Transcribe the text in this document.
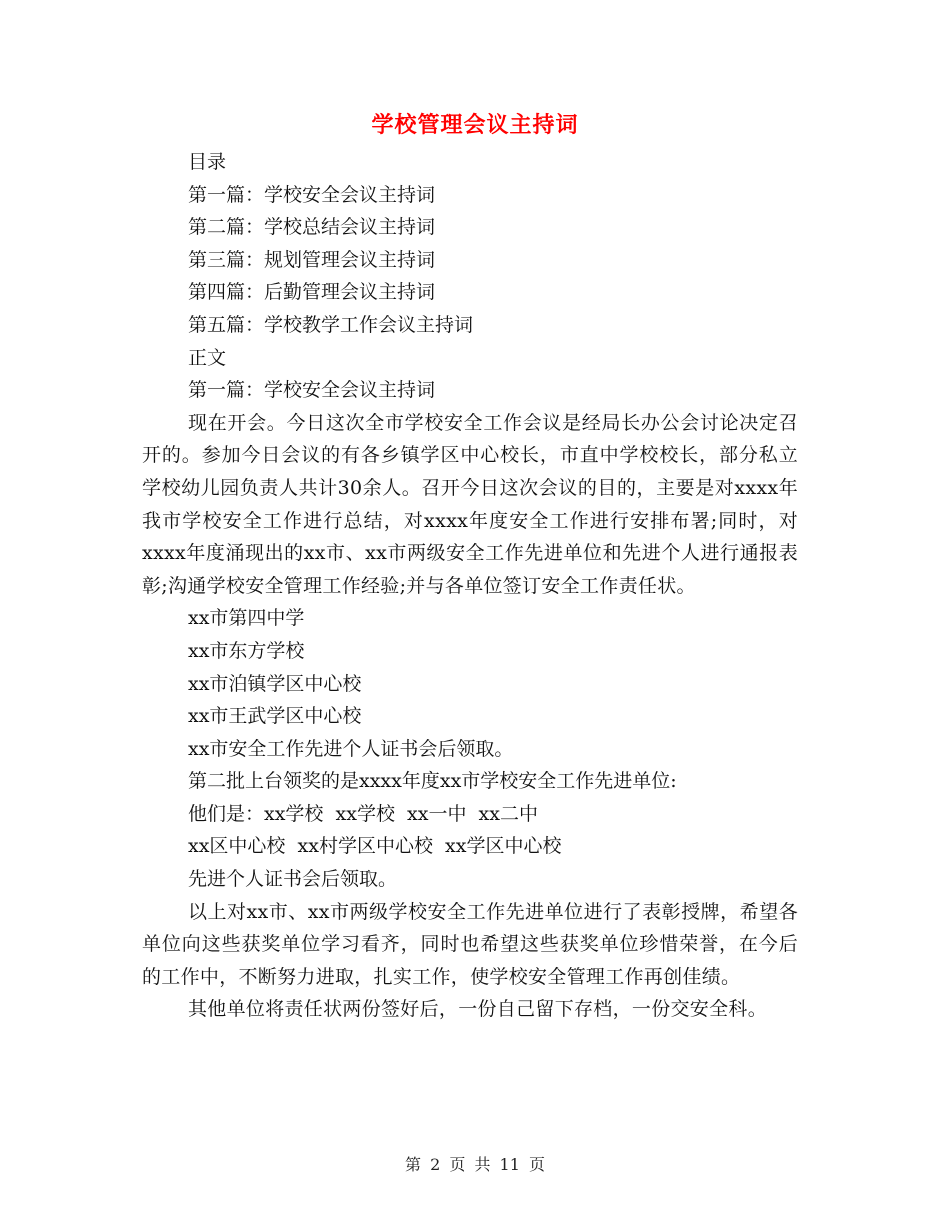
学校管理会议主持词

目录

第一篇：学校安全会议主持词

第二篇：学校总结会议主持词

第三篇：规划管理会议主持词

第四篇：后勤管理会议主持词

第五篇：学校教学工作会议主持词

正文

第一篇：学校安全会议主持词

现在开会。今日这次全市学校安全工作会议是经局长办公会讨论决定召开的。参加今日会议的有各乡镇学区中心校长，市直中学校校长，部分私立学校幼儿园负责人共计30余人。召开今日这次会议的目的，主要是对xxxx年我市学校安全工作进行总结，对xxxx年度安全工作进行安排布署;同时，对xxxx年度涌现出的xx市、xx市两级安全工作先进单位和先进个人进行通报表彰;沟通学校安全管理工作经验;并与各单位签订安全工作责任状。

xx市第四中学

xx市东方学校

xx市泊镇学区中心校

xx市王武学区中心校

xx市安全工作先进个人证书会后领取。

第二批上台领奖的是xxxx年度xx市学校安全工作先进单位:

他们是：xx学校  xx学校  xx一中  xx二中

xx区中心校  xx村学区中心校  xx学区中心校

先进个人证书会后领取。

以上对xx市、xx市两级学校安全工作先进单位进行了表彰授牌，希望各单位向这些获奖单位学习看齐，同时也希望这些获奖单位珍惜荣誉，在今后的工作中，不断努力进取，扎实工作，使学校安全管理工作再创佳绩。

其他单位将责任状两份签好后，一份自己留下存档，一份交安全科。

第 2 页 共 11 页
